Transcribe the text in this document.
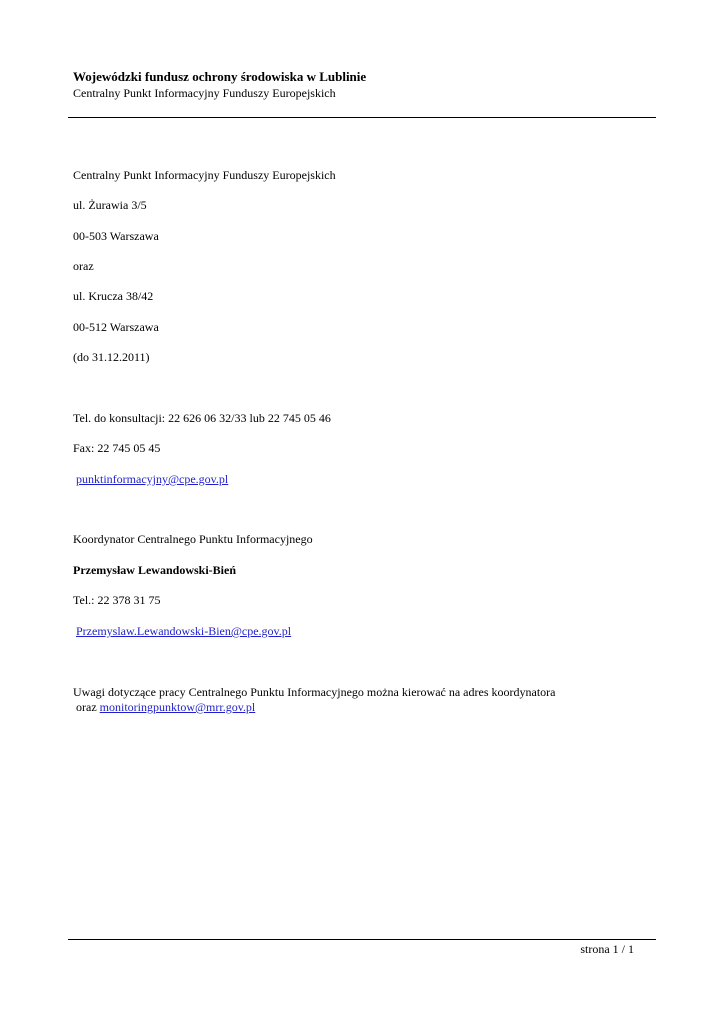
Wojewódzki fundusz ochrony środowiska w Lublinie
Centralny Punkt Informacyjny Funduszy Europejskich
Centralny Punkt Informacyjny Funduszy Europejskich
ul. Żurawia 3/5
00-503 Warszawa
oraz
ul. Krucza 38/42
00-512 Warszawa
(do 31.12.2011)
Tel. do konsultacji: 22 626 06 32/33 lub 22 745 05 46
Fax: 22 745 05 45
punktinformacyjny@cpe.gov.pl
Koordynator Centralnego Punktu Informacyjnego
Przemysław Lewandowski-Bień
Tel.: 22 378 31 75
Przemyslaw.Lewandowski-Bien@cpe.gov.pl
Uwagi dotyczące pracy Centralnego Punktu Informacyjnego można kierować na adres koordynatora
oraz monitoringpunktow@mrr.gov.pl
strona 1 / 1
